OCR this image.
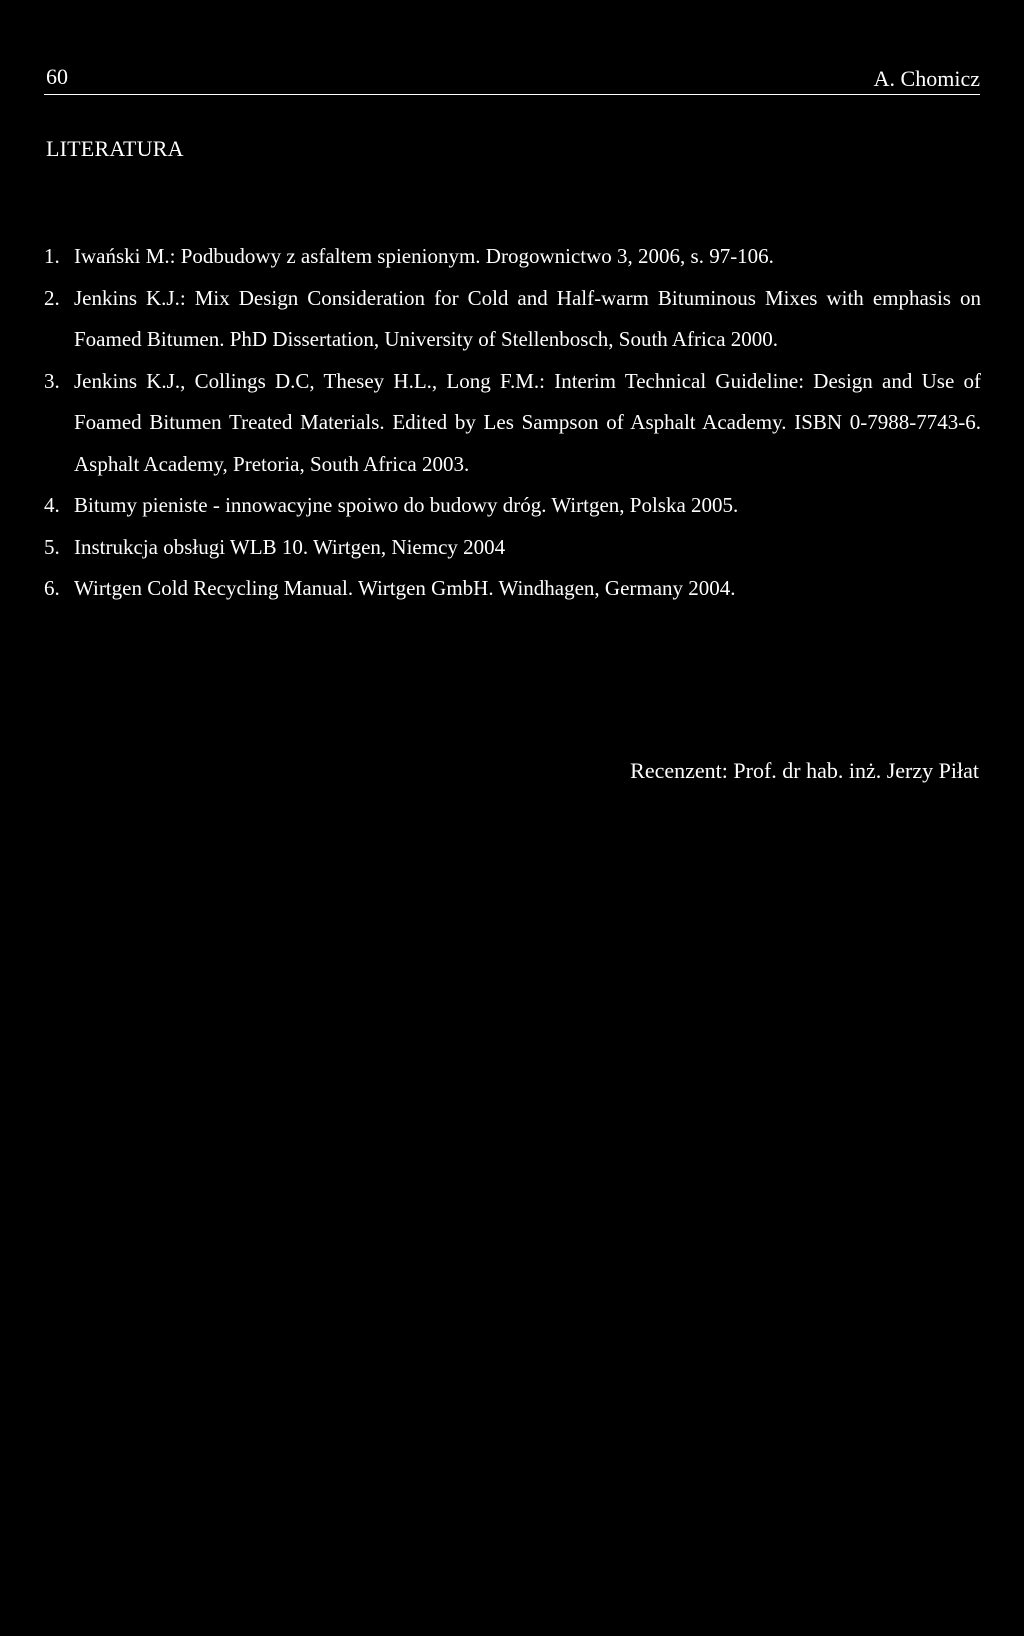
60	A. Chomicz
LITERATURA
1. Iwański M.: Podbudowy z asfaltem spienionym. Drogownictwo 3, 2006, s. 97-106.
2. Jenkins K.J.: Mix Design Consideration for Cold and Half-warm Bituminous Mixes with emphasis on Foamed Bitumen. PhD Dissertation, University of Stellenbosch, South Africa 2000.
3. Jenkins K.J., Collings D.C, Thesey H.L., Long F.M.: Interim Technical Guideline: Design and Use of Foamed Bitumen Treated Materials. Edited by Les Sampson of Asphalt Academy. ISBN 0-7988-7743-6. Asphalt Academy, Pretoria, South Africa 2003.
4. Bitumy pieniste - innowacyjne spoiwo do budowy dróg. Wirtgen, Polska 2005.
5. Instrukcja obsługi WLB 10. Wirtgen, Niemcy 2004
6. Wirtgen Cold Recycling Manual. Wirtgen GmbH. Windhagen, Germany 2004.
Recenzent: Prof. dr hab. inż. Jerzy Piłat
